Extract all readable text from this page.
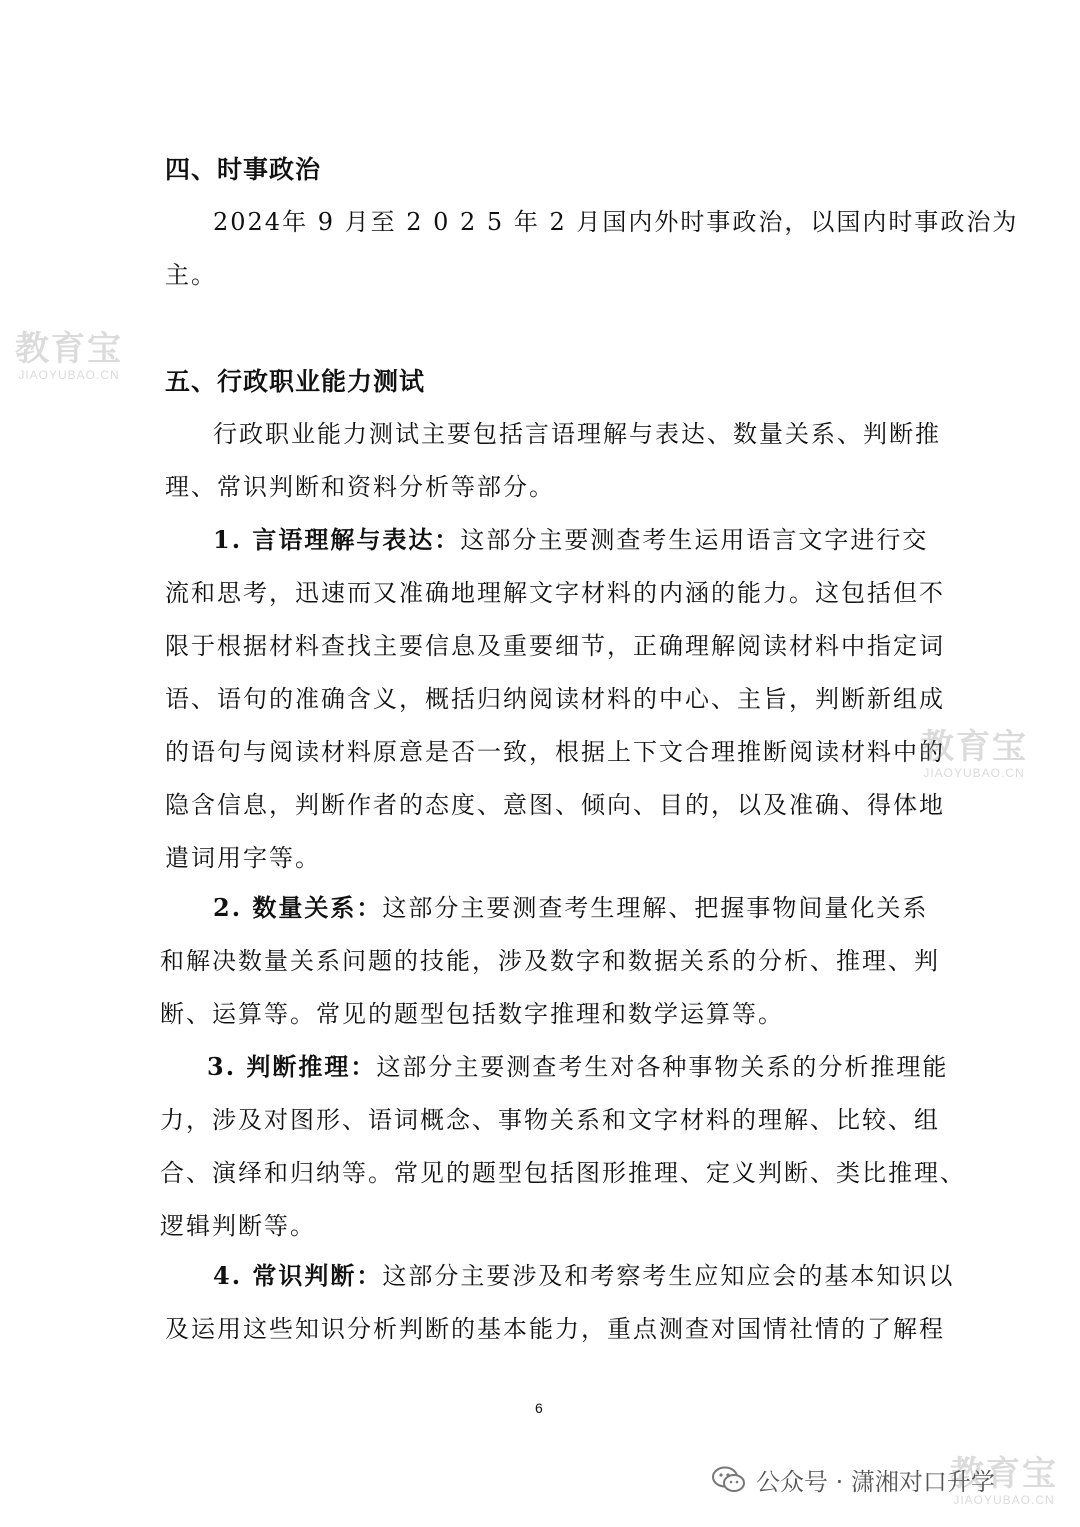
四、时事政治
2024年 9 月至 2 0 2 5 年 2 月国内外时事政治，以国内时事政治为
主。
五、行政职业能力测试
行政职业能力测试主要包括言语理解与表达、数量关系、判断推
理、常识判断和资料分析等部分。
1. 言语理解与表达：这部分主要测查考生运用语言文字进行交
流和思考，迅速而又准确地理解文字材料的内涵的能力。这包括但不
限于根据材料查找主要信息及重要细节，正确理解阅读材料中指定词
语、语句的准确含义，概括归纳阅读材料的中心、主旨，判断新组成
的语句与阅读材料原意是否一致，根据上下文合理推断阅读材料中的
隐含信息，判断作者的态度、意图、倾向、目的，以及准确、得体地
遣词用字等。
2. 数量关系：这部分主要测查考生理解、把握事物间量化关系
和解决数量关系问题的技能，涉及数字和数据关系的分析、推理、判
断、运算等。常见的题型包括数字推理和数学运算等。
3. 判断推理：这部分主要测查考生对各种事物关系的分析推理能
力，涉及对图形、语词概念、事物关系和文字材料的理解、比较、组
合、演绎和归纳等。常见的题型包括图形推理、定义判断、类比推理、
逻辑判断等。
4. 常识判断：这部分主要涉及和考察考生应知应会的基本知识以
及运用这些知识分析判断的基本能力，重点测查对国情社情的了解程
6
教育宝
JIAOYUBAO.CN
教育宝
JIAOYUBAO.CN
教育宝
JIAOYUBAO.CN
公众号 · 潇湘对口升学
